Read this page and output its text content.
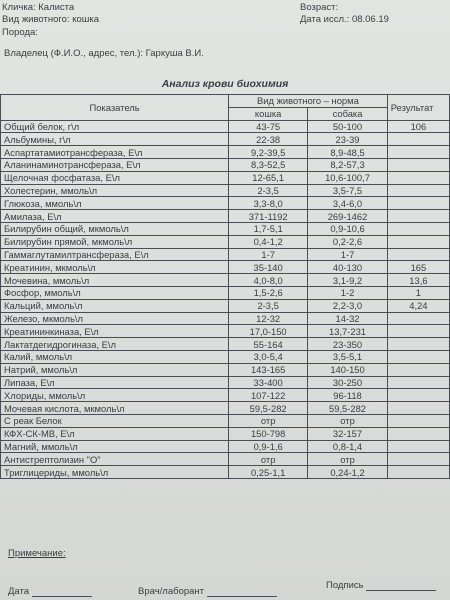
Кличка: Калиста	Возраст:
Вид животного: кошка	Дата иссл.: 08.06.19
Порода:
Владелец (Ф.И.О., адрес, тел.): Гаркуша В.И.
Анализ крови биохимия
Показатель	Вид животного – норма		Результат
	кошка	собака	
Общий белок, г\л	43-75	50-100	106
Альбумины, г\л	22-38	23-39	
Аспартатамиотрансфераза, Е\л	9,2-39,5	8,9-48,5	
Аланинаминотрансфераза, Е\л	8,3-52,5	8,2-57,3	
Щелочная фосфатаза, Е\л	12-65,1	10,6-100,7	
Холестерин, ммоль\л	2-3,5	3,5-7,5	
Глюкоза, ммоль\л	3,3-8,0	3,4-6,0	
Амилаза, Е\л	371-1192	269-1462	
Билирубин общий, мкмоль\л	1,7-5,1	0,9-10,6	
Билирубин прямой, мкмоль\л	0,4-1,2	0,2-2,6	
Гаммаглутамилтрансфераза, Е\л	1-7	1-7	
Креатинин, мкмоль\л	35-140	40-130	165
Мочевина, ммоль\л	4,0-8,0	3,1-9,2	13,6
Фосфор, ммоль\л	1,5-2,6	1-2	1
Кальций, ммоль\л	2-3,5	2,2-3,0	4,24
Железо, мкмоль\л	12-32	14-32	
Креатининкиназа, Е\л	17,0-150	13,7-231	
Лактатдегидрогиназа, Е\л	55-164	23-350	
Калий, ммоль\л	3,0-5,4	3,5-5,1	
Натрий, ммоль\л	143-165	140-150	
Липаза, Е\л	33-400	30-250	
Хлориды, ммоль\л	107-122	96-118	
Мочевая кислота, мкмоль\л	59,5-282	59,5-282	
С реак Белок	отр	отр	
КФХ-СК-МВ, Е\л	150-798	32-157	
Магний, ммоль\л	0,9-1,6	0,8-1,4	
Антистрептолизин "О"	отр	отр	
Триглицериды, ммоль\л	0,25-1,1	0,24-1,2	
Примечание:
Дата	Врач/лаборант
Подпись
